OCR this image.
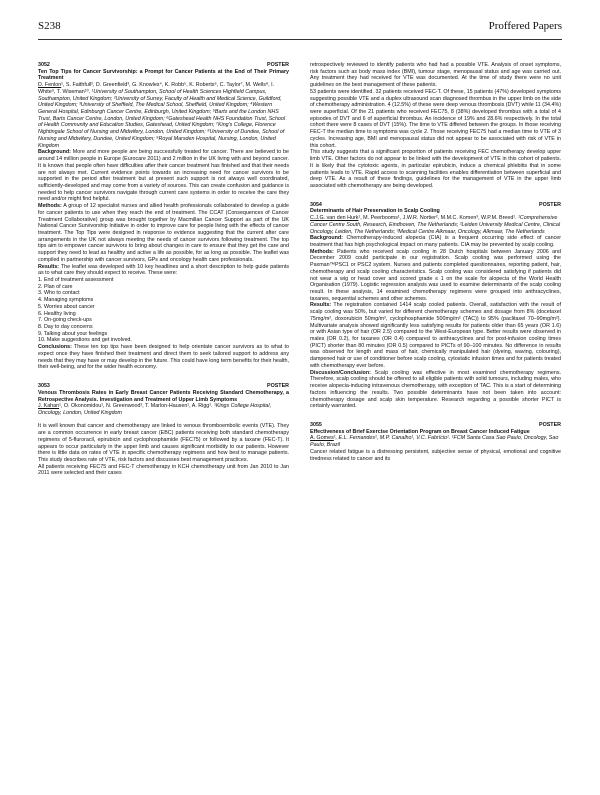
S238	Proffered Papers
3052	POSTER

Ten Top Tips for Cancer Survivorship: a Prompt for Cancer Patients at the End of Their Primary Treatment

D. Fenlon¹, S. Faithfull², D. Greenfield³, G. Knowles⁴, K. Robb⁵, K. Roberts⁶, C. Taylor⁷, M. Wells⁸, I. White⁹, T. Wiseman¹⁰. ¹University of Southampton, School of Health Sciences Highfield Campus, Southampton, United Kingdom; ²University of Surrey, Faculty of Health and Medical Science, Guildford, United Kingdom; ³University of Sheffield, The Medical School, Sheffield, United Kingdom; ⁴Western General Hospital, Edinburgh Cancer Centre, Edinburgh, United Kingdom; ⁵Barts and the London NHS Trust, Barts Cancer Centre, London, United Kingdom; ⁶Gateshead Health NHS Foundation Trust, School of Health Community and Education Studies, Gateshead, United Kingdom; ⁷King's College, Florence Nightingale School of Nursing and Midwifery, London, United Kingdom; ⁸University of Dundee, School of Nursing and Midwifery, Dundee, United Kingdom; ⁹Royal Marsden Hospital, Nursing, London, United Kingdom

Background: More and more people are being successfully treated for cancer. There are believed to be around 14 million people in Europe (Eurocare 2011) and 2 million in the UK living with and beyond cancer. It is known that people often have difficulties after their cancer treatment has finished and that their needs are not always met. Current evidence points towards an increasing need for cancer survivors to be supported in the period after treatment but at present such support is not always well coordinated, sufficiently-developed and may come from a variety of sources. This can create confusion and guidance is needed to help cancer survivors navigate through current care systems in order to receive the care they need and/or might find helpful.

Methods: A group of 12 specialist nurses and allied health professionals collaborated to develop a guide for cancer patients to use when they reach the end of treatment. The CCAT (Consequences of Cancer Treatment Collaborative) group was brought together by Macmillan Cancer Support as part of the UK National Cancer Survivorship Initiative in order to improve care for people living with the effects of cancer treatment. The Top Tips were designed in response to evidence suggesting that the current after care arrangements in the UK not always meeting the needs of cancer survivors following treatment. The top tips aim to empower cancer survivors to bring about changes in care to ensure that they get the care and support they need to lead as healthy and active a life as possible, for as long as possible. The leaflet was compiled in partnership with cancer survivors, GPs and oncology health care professionals.

Results: The leaflet was developed with 10 key headlines and a short description to help guide patients as to what care they should expect to receive. These were:

1. End of treatment assessment
2. Plan of care
3. Who to contact
4. Managing symptoms
5. Worries about cancer
6. Healthy living
7. On-going check-ups
8. Day to day concerns
9. Talking about your feelings
10. Make suggestions and get involved.

Conclusions: These ten top tips have been designed to help orientate cancer survivors as to what to expect once they have finished their treatment and direct them to seek tailored support to address any needs that they may have or may develop in the future. This could have long term benefits for their health, their well-being, and for the wider health economy.

3053	POSTER

Venous Thrombosis Rates in Early Breast Cancer Patients Receiving Standard Chemotherapy, a Retrospective Analysis. Investigation and Treatment of Upper Limb Symptoms

J. Kahan¹, O. Okonomidou¹, N. Greenwood¹, T. Marlon-Hausen¹, A. Rigg¹. ¹Kings College Hospital, Oncology, London, United Kingdom

It is well known that cancer and chemotherapy are linked to venous thromboembolic events (VTE). They are a common occurrence in early breast cancer (EBC) patients receiving both standard chemotherapy regimens of 5-fluroracil, epirubicin and cyclophosphamide (FEC75) or followed by a taxane (FEC-T). It appears to occur particularly in the upper limb and causes significant morbidity to our patients. However there is little data on rates of VTE in specific chemotherapy regimens and how best to manage patients. This study describes rate of VTE, risk factors and discusses best management practices.

All patients receiving FEC75 and FEC-T chemotherapy in KCH chemotherapy unit from Jan 2010 to Jan 2011 were selected and their cases

retrospectively reviewed to identify patients who had had a possible VTE. Analysis of onset symptoms, risk factors such as body mass index (BMI), tumour stage, menopausal status and age was carried out. Any treatment they had received for VTE was documented. At the time of study there were no unit guidelines on the best management of these patients.

53 patients were identified. 32 patients received FEC-T. Of these, 15 patients (47%) developed symptoms suggesting possible VTE and a duplex ultrasound scan diagnosed thrombus in the upper limb on the side of chemotherapy administration. 4 (12.5%) of these were deep venous thrombosis (DVT) while 11 (34.4%) were superficial. Of the 21 patients who received FEC75, 8 (38%) developed thrombus with a total of 4 episodes of DVT and 6 of superficial thrombus. An incidence of 19% and 28.6% respectively. In the total cohort there were 8 cases of DVT (15%). The time to VTE differed between the groups. In those receiving FEC-T the median time to symptoms was cycle 2. Those receiving FEC75 had a median time to VTE of 3 cycles. Increasing age, BMI and menopausal status did not appear to be associated with risk of VTE in this cohort.

This study suggests that a significant proportion of patients receiving FEC chemotherapy develop upper limb VTE. Other factors do not appear to be linked with the development of VTE in this cohort of patients. It is likely that the cytotoxic agents, in particular epirubicin, induce a chemical phlebitis that in some patients leads to VTE. Rapid access to scanning facilities enables differentiation between superficial and deep VTE. As a result of these findings, guidelines for the management of VTE in the upper limb associated with chemotherapy are being developed.

3054	POSTER

Determinants of Hair Preservation in Scalp Cooling

C.J.G. van den Hurk¹, M. Peerbooms¹, J.W.R. Nortier², M.M.C. Komen³, W.P.M. Breed¹. ¹Comprehensive Cancer Centre South, Research, Eindhoven, The Netherlands; ²Leiden University Medical Centre, Clinical Oncology, Leiden, The Netherlands; ³Medical Centre Alkmaar, Oncology, Alkmaar, The Netherlands

Background: Chemotherapy-induced alopecia (CIA) is a frequent occurring side effect of cancer treatment that has high psychological impact on many patients. CIA may be prevented by scalp cooling.

Methods: Patients who received scalp cooling in 28 Dutch hospitals between January 2006 and December 2009 could participate in our registration. Scalp cooling was performed using the Paxman™PSC1 or PSC2 system. Nurses and patients completed questionnaires, reporting patient, hair, chemotherapy and scalp cooling characteristics. Scalp cooling was considered satisfying if patients did not wear a wig or head cover and scored grade ≤ 1 on the scale for alopecia of the World Health Organisation (1979). Logistic regression analysis was used to examine determinants of the scalp cooling result. In these analysis, 14 examined chemotherapy regimens were grouped into anthracyclines, taxanes, sequential schemes and other schemes.

Results: The registration contained 1414 scalp cooled patients. Overall, satisfaction with the result of scalp cooling was 50%, but varied for different chemotherapy schemes and dosage from 8% (docetaxel 75mg/m², doxorubicin 50mg/m², cyclophosphamide 500mg/m² (TAC)) to 95% (paclitaxel 70–90mg/m²). Multivariate analysis showed significantly less satisfying results for patients older than 65 years (OR 1.6) or with Asian type of hair (OR 2.5) compared to the West-European type. Better results were observed in males (OR 0.2), for taxanes (OR 0.4) compared to anthracyclines and for post-infusion cooling times (PICT) shorter than 80 minutes (OR 0.5) compared to PICTs of 90–100 minutes. No difference in results was observed for length and mass of hair, chemically manipulated hair (dyeing, waving, colouring), dampened hair or use of conditioner before scalp cooling, cytostatic infusion times and for patients treated with chemotherapy ever before.

Discussion/Conclusion: Scalp cooling was effective in most examined chemotherapy regimens. Therefore, scalp cooling should be offered to all eligible patients with solid tumours, including males, who receive alopecia-inducing intravenous chemotherapy, with exception of TAC. This is a start of determining factors influencing the results. Two possible determinants have not been taken into account: chemotherapy dosage and scalp skin temperature. Research regarding a possible shorter PICT is certainly warranted.

3055	POSTER

Effectiveness of Brief Exercise Orientation Program on Breast Cancer Induced Fatigue

A. Gomes¹, E.L. Fernandes¹, M.P. Canalho¹, V.C. Fabrício¹. ¹FCM Santa Casa Sao Paulo, Oncology, Sao Paulo, Brazil

Cancer related fatigue is a distressing persistent, subjective sense of physical, emotional and cognitive tiredness related to cancer and its
